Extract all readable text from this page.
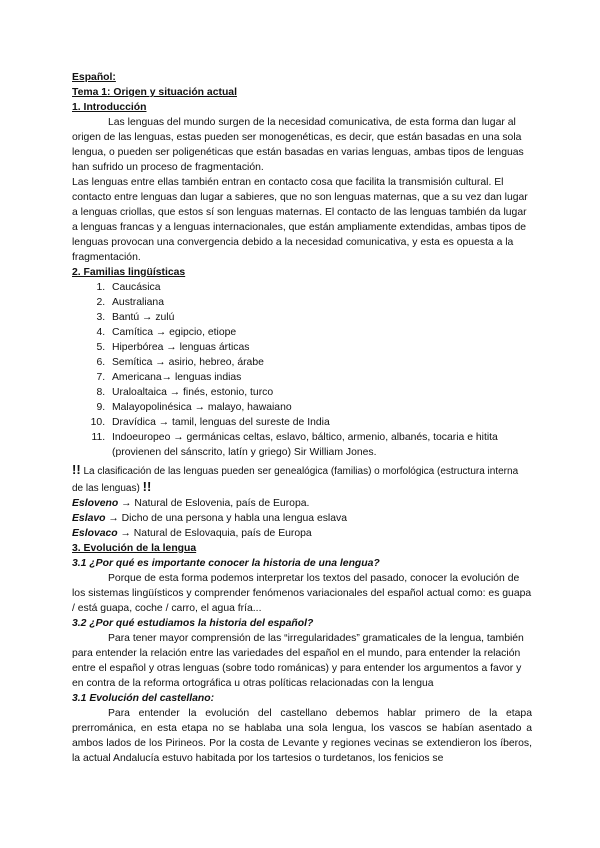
Español:

Tema 1: Origen y situación actual

1. Introducción

Las lenguas del mundo surgen de la necesidad comunicativa, de esta forma dan lugar al origen de las lenguas, estas pueden ser monogenéticas, es decir, que están basadas en una sola lengua, o pueden ser poligenéticas que están basadas en varias lenguas, ambas tipos de lenguas han sufrido un proceso de fragmentación.

Las lenguas entre ellas también entran en contacto cosa que facilita la transmisión cultural. El contacto entre lenguas dan lugar a sabieres, que no son lenguas maternas, que a su vez dan lugar a lenguas criollas, que estos sí son lenguas maternas. El contacto de las lenguas también da lugar a lenguas francas y a lenguas internacionales, que están ampliamente extendidas, ambas tipos de lenguas provocan una convergencia debido a la necesidad comunicativa, y esta es opuesta a la fragmentación.

2. Familias lingüísticas

1. Caucásica
2. Australiana
3. Bantú → zulú
4. Camítica → egipcio, etiope
5. Hiperbórea → lenguas árticas
6. Semítica → asirio, hebreo, árabe
7. Americana→ lenguas indias
8. Uraloaltaica → finés, estonio, turco
9. Malayopolinésica → malayo, hawaiano
10. Dravídica → tamil, lenguas del sureste de India
11. Indoeuropeo → germánicas celtas, eslavo, báltico, armenio, albanés, tocaria e hitita (provienen del sánscrito, latín y griego) Sir William Jones.

!! La clasificación de las lenguas pueden ser genealógica (familias) o morfológica (estructura interna de las lenguas) !!

Esloveno → Natural de Eslovenia, país de Europa.

Eslavo → Dicho de una persona y habla una lengua eslava

Eslovaco → Natural de Eslovaquia, país de Europa

3. Evolución de la lengua

3.1 ¿Por qué es importante conocer la historia de una lengua?

Porque de esta forma podemos interpretar los textos del pasado, conocer la evolución de los sistemas lingüísticos y comprender fenómenos variacionales del español actual como: es guapa / está guapa, coche / carro, el agua fría...

3.2 ¿Por qué estudiamos la historia del español?

Para tener mayor comprensión de las “irregularidades” gramaticales de la lengua, también para entender la relación entre las variedades del español en el mundo, para entender la relación entre el español y otras lenguas (sobre todo románicas) y para entender los argumentos a favor y en contra de la reforma ortográfica u otras políticas relacionadas con la lengua

3.1 Evolución del castellano:

Para entender la evolución del castellano debemos hablar primero de la etapa prerrománica, en esta etapa no se hablaba una sola lengua, los vascos se habían asentado a ambos lados de los Pirineos. Por la costa de Levante y regiones vecinas se extendieron los íberos, la actual Andalucía estuvo habitada por los tartesios o turdetanos, los fenicios se
